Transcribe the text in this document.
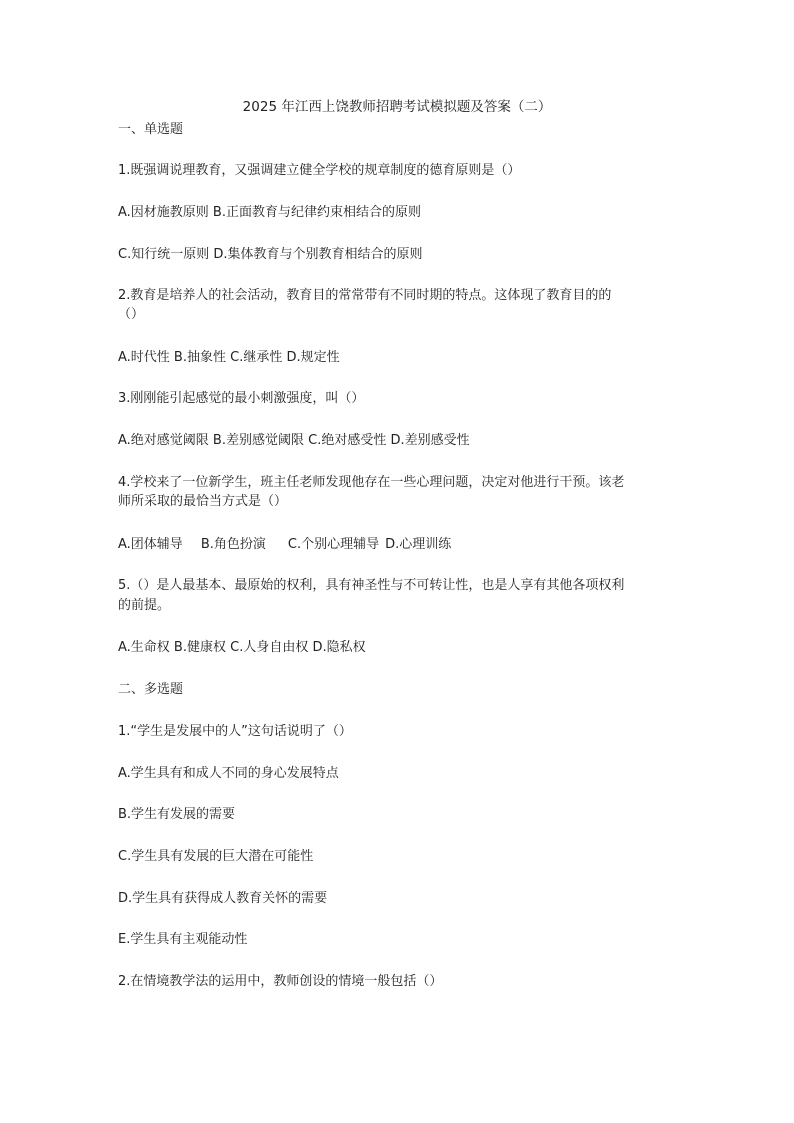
2025 年江西上饶教师招聘考试模拟题及答案（二）

一、单选题

1.既强调说理教育，又强调建立健全学校的规章制度的德育原则是（）

A.因材施教原则 B.正面教育与纪律约束相结合的原则

C.知行统一原则 D.集体教育与个别教育相结合的原则

2.教育是培养人的社会活动，教育目的常常带有不同时期的特点。这体现了教育目的的

（）

A.时代性 B.抽象性 C.继承性 D.规定性

3.刚刚能引起感觉的最小刺激强度，叫（）

A.绝对感觉阈限 B.差别感觉阈限 C.绝对感受性 D.差别感受性

4.学校来了一位新学生，班主任老师发现他存在一些心理问题，决定对他进行干预。该老

师所采取的最恰当方式是（）

A.团体辅导 B.角色扮演 C.个别心理辅导 D.心理训练

5.（）是人最基本、最原始的权利，具有神圣性与不可转让性，也是人享有其他各项权利

的前提。

A.生命权 B.健康权 C.人身自由权 D.隐私权

二、多选题

1.“学生是发展中的人”这句话说明了（）

A.学生具有和成人不同的身心发展特点

B.学生有发展的需要

C.学生具有发展的巨大潜在可能性

D.学生具有获得成人教育关怀的需要

E.学生具有主观能动性

2.在情境教学法的运用中，教师创设的情境一般包括（）
